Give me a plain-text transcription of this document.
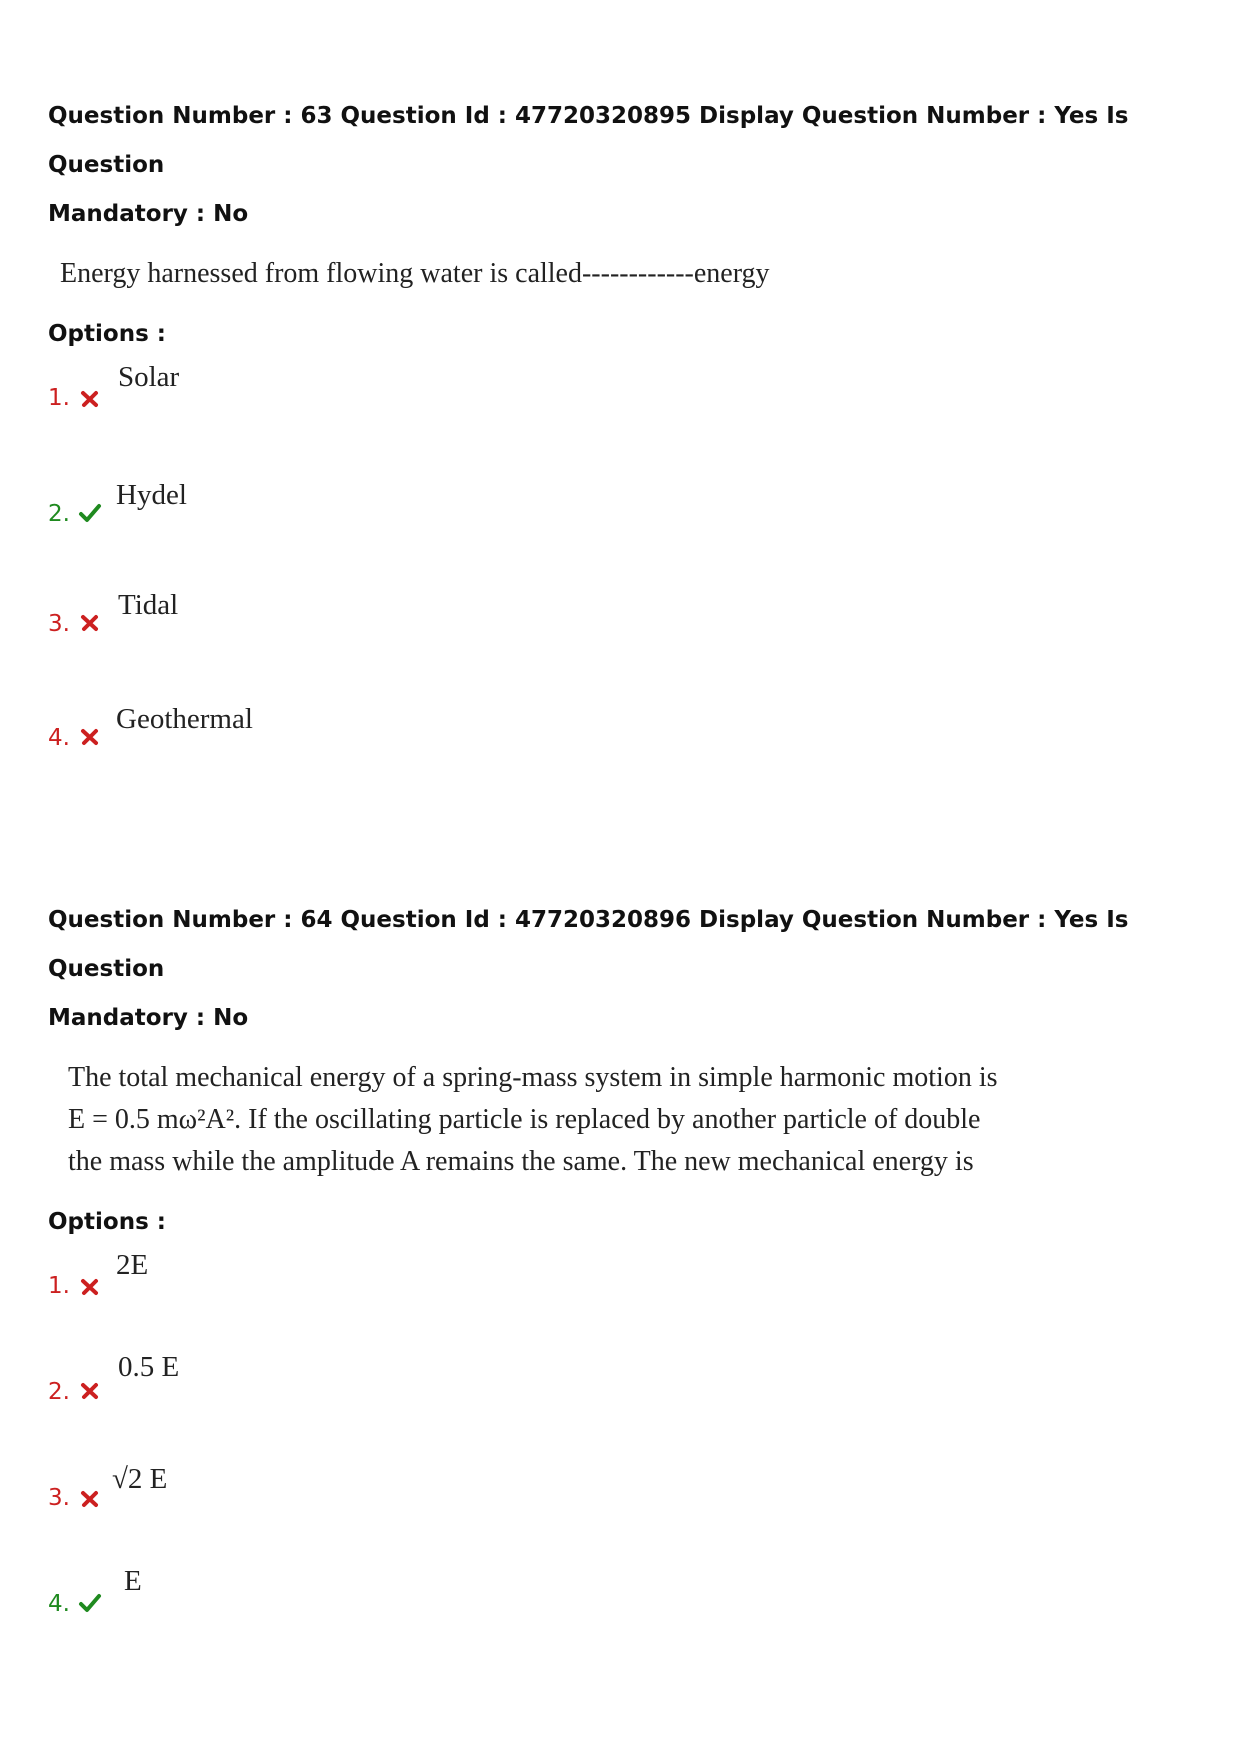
Question Number : 63 Question Id : 47720320895 Display Question Number : Yes Is Question
Mandatory : No
Energy harnessed from flowing water is called------------energy
Options :
1.
Solar
2.
Hydel
3.
Tidal
4.
Geothermal
Question Number : 64 Question Id : 47720320896 Display Question Number : Yes Is Question
Mandatory : No
The total mechanical energy of a spring-mass system in simple harmonic motion is
E = 0.5 mω²A². If the oscillating particle is replaced by another particle of double
the mass while the amplitude A remains the same. The new mechanical energy is
Options :
1.
2E
2.
0.5 E
3.
√2 E
4.
E
